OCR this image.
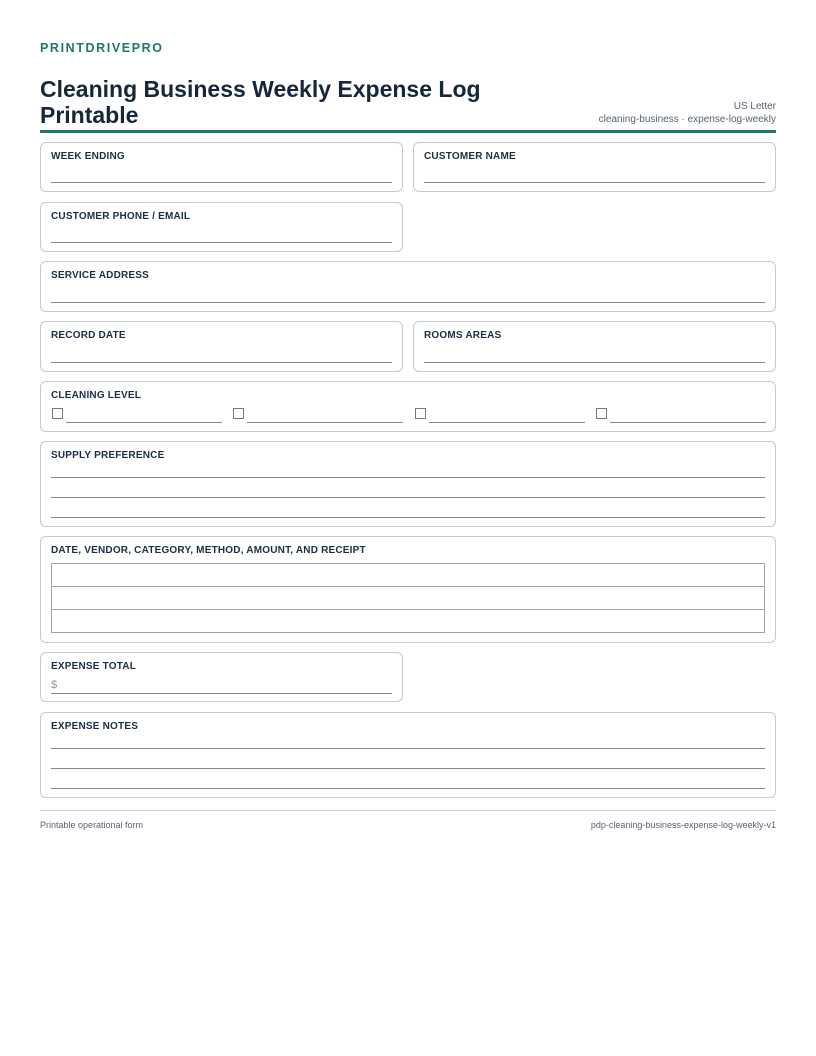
PRINTDRIVEPRO
Cleaning Business Weekly Expense Log Printable	US Letter
cleaning-business · expense-log-weekly
WEEK ENDING	CUSTOMER NAME
CUSTOMER PHONE / EMAIL
SERVICE ADDRESS
RECORD DATE	ROOMS AREAS
CLEANING LEVEL
SUPPLY PREFERENCE
DATE, VENDOR, CATEGORY, METHOD, AMOUNT, AND RECEIPT

EXPENSE TOTAL
$
EXPENSE NOTES
Printable operational form	pdp-cleaning-business-expense-log-weekly-v1
